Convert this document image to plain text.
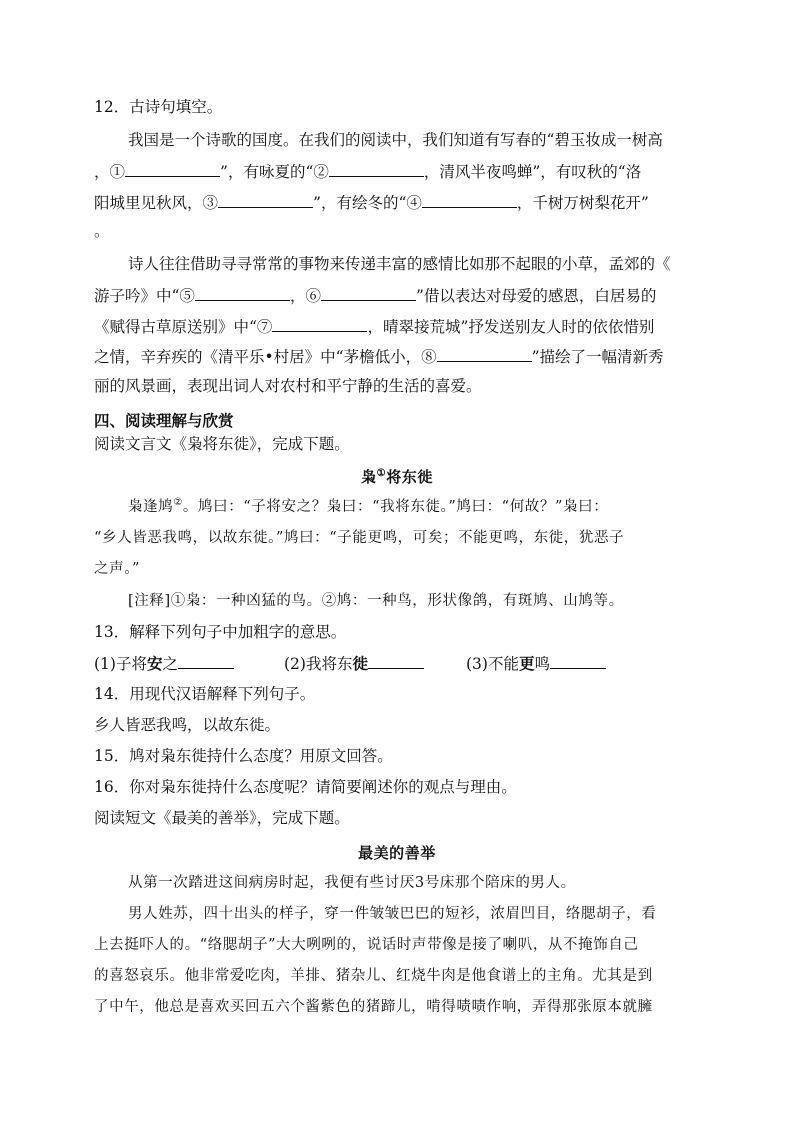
12．古诗句填空。
我国是一个诗歌的国度。在我们的阅读中，我们知道有写春的“碧玉妆成一树高
，①	”，有咏夏的“②	，清风半夜鸣蝉”，有叹秋的“洛
阳城里见秋风，③	”，有绘冬的“④	，千树万树梨花开”
。
诗人往往借助寻寻常常的事物来传递丰富的感情比如那不起眼的小草，孟郊的《
游子吟》中“⑤	，⑥	”借以表达对母爱的感恩，白居易的
《赋得古草原送别》中“⑦	，晴翠接荒城”抒发送别友人时的依依惜别
之情，辛弃疾的《清平乐•村居》中“茅檐低小，⑧	”描绘了一幅清新秀
丽的风景画，表现出词人对农村和平宁静的生活的喜爱。
四、阅读理解与欣赏
阅读文言文《枭将东徙》，完成下题。
枭①将东徙
枭逢鸠②。鸠曰：“子将安之？枭曰：“我将东徙。”鸠曰：“何故？”枭曰：
“乡人皆恶我鸣，以故东徙。”鸠曰：“子能更鸣，可矣；不能更鸣，东徙，犹恶子
之声。”
[注释]①枭：一种凶猛的鸟。②鸠：一种鸟，形状像鸽，有斑鸠、山鸠等。
13．解释下列句子中加粗字的意思。
(1)子将安之	(2)我将东徙	(3)不能更鸣
14．用现代汉语解释下列句子。
乡人皆恶我鸣，以故东徙。
15．鸠对枭东徙持什么态度？用原文回答。
16．你对枭东徙持什么态度呢？请简要阐述你的观点与理由。
阅读短文《最美的善举》，完成下题。
最美的善举
从第一次踏进这间病房时起，我便有些讨厌3号床那个陪床的男人。
男人姓苏，四十出头的样子，穿一件皱皱巴巴的短衫，浓眉凹目，络腮胡子，看
上去挺吓人的。“络腮胡子”大大咧咧的，说话时声带像是接了喇叭，从不掩饰自己
的喜怒哀乐。他非常爱吃肉，羊排、猪杂儿、红烧牛肉是他食谱上的主角。尤其是到
了中午，他总是喜欢买回五六个酱紫色的猪蹄儿，啃得啧啧作响，弄得那张原本就臃
